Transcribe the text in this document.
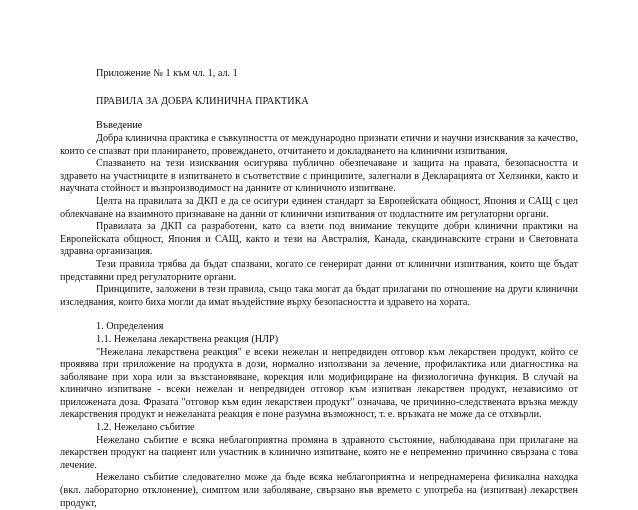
Приложение № 1 към чл. 1, ал. 1
ПРАВИЛА ЗА ДОБРА КЛИНИЧНА ПРАКТИКА
Въведение
Добра клинична практика е съвкупността от международно признати етични и научни изисквания за качество, които се спазват при планирането, провеждането, отчитането и докладването на клинични изпитвания.
Спазването на тези изисквания осигурява публично обезпечаване и защита на правата, безопасността и здравето на участниците в изпитването в съответствие с принципите, залегнали в Декларацията от Хелзинки, както и научната стойност и възпроизводимост на данните от клиничното изпитване.
Целта на правилата за ДКП е да се осигури единен стандарт за Европейската общност, Япония и САЩ с цел облекчаване на взаимното признаване на данни от клинични изпитвания от подластните им регулаторни органи.
Правилата за ДКП са разработени, като са взети под внимание текущите добри клинични практики на Европейската общност, Япония и САЩ, както и тези на Австралия, Канада, скандинавските страни и Световната здравна организация.
Тези правила трябва да бъдат спазвани, когато се генерират данни от клинични изпитвания, които ще бъдат представяни пред регулаторните органи.
Принципите, заложени в тези правила, също така могат да бъдат прилагани по отношение на други клинични изследвания, които биха могли да имат въздействие върху безопасността и здравето на хората.
1. Определения
1.1. Нежелана лекарствена реакция (НЛР)
"Нежелана лекарствена реакция" е всеки нежелан и непредвиден отговор към лекарствен продукт, който се проявява при приложение на продукта в дози, нормално използвани за лечение, профилактика или диагностика на заболяване при хора или за възстановяване, корекция или модифициране на физиологична функция. В случай на клинично изпитване - всеки нежелан и непредвиден отговор към изпитван лекарствен продукт, независимо от приложената доза. Фразата "отговор към един лекарствен продукт" означава, че причинно-следствената връзка между лекарствения продукт и нежеланата реакция е поне разумна възможност, т. е. връзката не може да се отхвърли.
1.2. Нежелано събитие
Нежелано събитие е всяка неблагоприятна промяна в здравното състояние, наблюдавана при прилагане на лекарствен продукт на пациент или участник в клинично изпитване, която не е непременно причинно свързана с това лечение.
Нежелано събитие следователно може да бъде всяка неблагоприятна и непреднамерена физикална находка (вкл. лабораторно отклонение), симптом или заболяване, свързано във времето с употреба на (изпитван) лекарствен продукт,
